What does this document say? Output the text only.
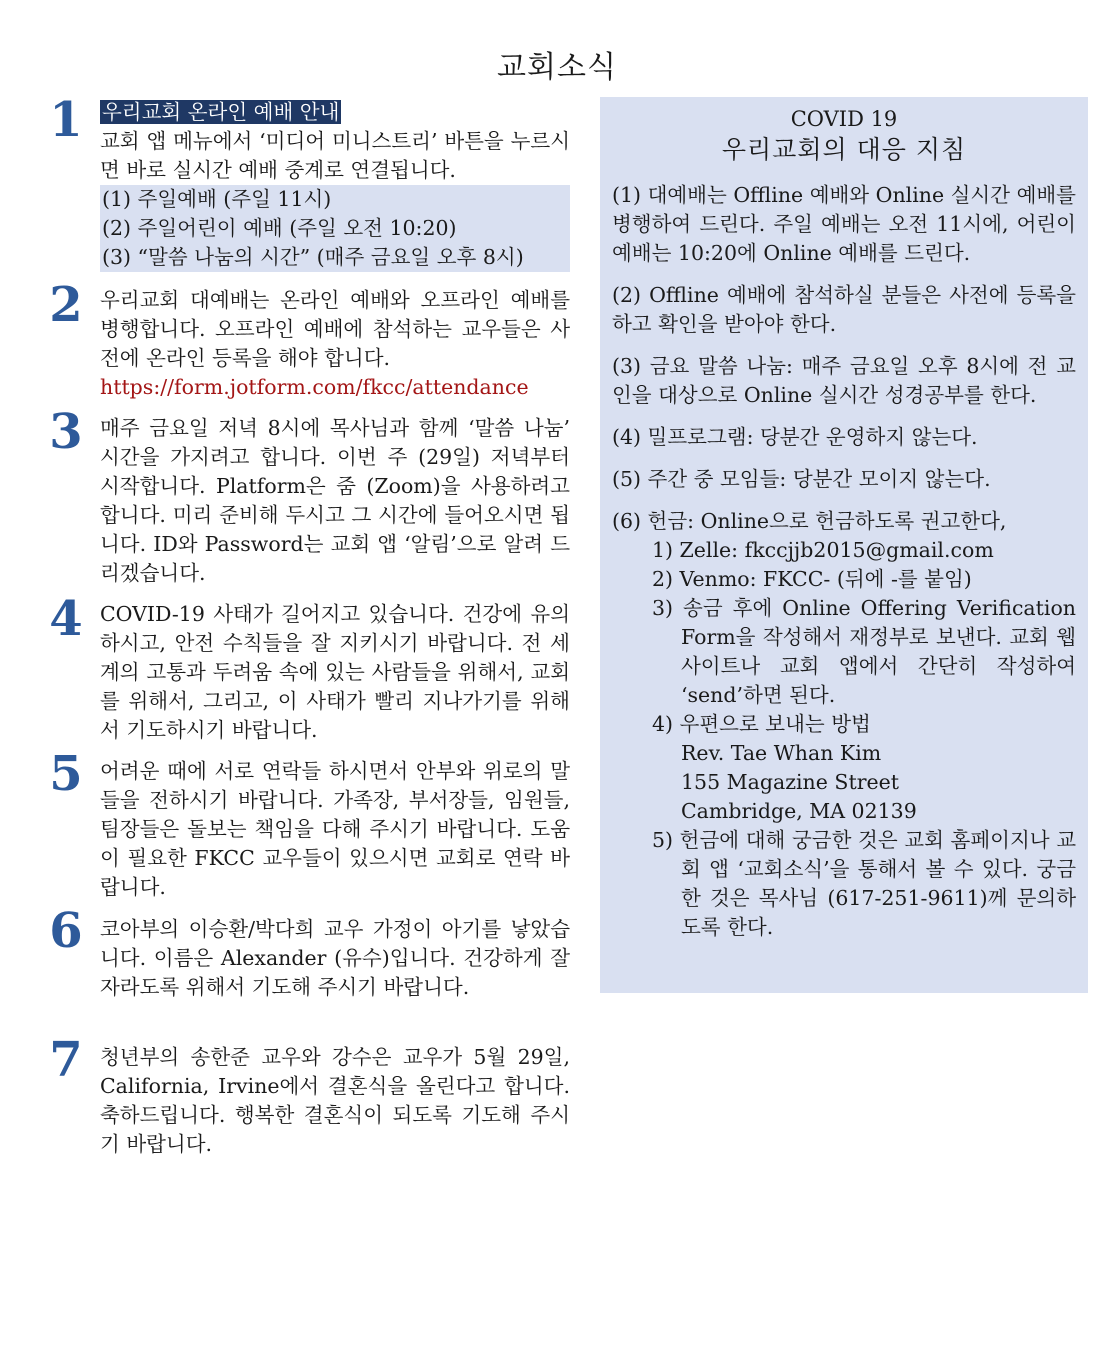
교회소식
1 우리교회 온라인 예배 안내

교회 앱 메뉴에서 ‘미디어 미니스트리’ 바튼을 누르시면 바로 실시간 예배 중계로 연결됩니다.

(1) 주일예배 (주일 11시)
(2) 주일어린이 예배 (주일 오전 10:20)
(3) “말씀 나눔의 시간” (매주 금요일 오후 8시)
2 우리교회 대예배는 온라인 예배와 오프라인 예배를 병행합니다. 오프라인 예배에 참석하는 교우들은 사전에 온라인 등록을 해야 합니다.

https://form.jotform.com/fkcc/attendance

3 매주 금요일 저녁 8시에 목사님과 함께 ‘말씀 나눔’ 시간을 가지려고 합니다. 이번 주 (29일) 저녁부터 시작합니다. Platform은 줌 (Zoom)을 사용하려고 합니다. 미리 준비해 두시고 그 시간에 들어오시면 됩니다. ID와 Password는 교회 앱 ‘알림’으로 알려 드리겠습니다.

4 COVID-19 사태가 길어지고 있습니다. 건강에 유의하시고, 안전 수칙들을 잘 지키시기 바랍니다. 전 세계의 고통과 두려움 속에 있는 사람들을 위해서, 교회를 위해서, 그리고, 이 사태가 빨리 지나가기를 위해서 기도하시기 바랍니다.

5 어려운 때에 서로 연락들 하시면서 안부와 위로의 말들을 전하시기 바랍니다. 가족장, 부서장들, 임원들, 팀장들은 돌보는 책임을 다해 주시기 바랍니다. 도움이 필요한 FKCC 교우들이 있으시면 교회로 연락 바랍니다.

6 코아부의 이승환/박다희 교우 가정이 아기를 낳았습니다. 이름은 Alexander (유수)입니다. 건강하게 잘 자라도록 위해서 기도해 주시기 바랍니다.

7 청년부의 송한준 교우와 강수은 교우가 5월 29일, California, Irvine에서 결혼식을 올린다고 합니다. 축하드립니다. 행복한 결혼식이 되도록 기도해 주시기 바랍니다.

COVID 19
우리교회의 대응 지침

(1) 대예배는 Offline 예배와 Online 실시간 예배를 병행하여 드린다. 주일 예배는 오전 11시에, 어린이 예배는 10:20에 Online 예배를 드린다.

(2) Offline 예배에 참석하실 분들은 사전에 등록을 하고 확인을 받아야 한다.

(3) 금요 말씀 나눔: 매주 금요일 오후 8시에 전 교인을 대상으로 Online 실시간 성경공부를 한다.

(4) 밀프로그램: 당분간 운영하지 않는다.

(5) 주간 중 모임들: 당분간 모이지 않는다.

(6) 헌금: Online으로 헌금하도록 권고한다,

1) Zelle: fkccjjb2015@gmail.com
2) Venmo: FKCC- (뒤에 -를 붙임)

3) 송금 후에 Online Offering Verification Form을 작성해서 재정부로 보낸다. 교회 웹사이트나 교회 앱에서 간단히 작성하여 ‘send’하면 된다.

4) 우편으로 보내는 방법
Rev. Tae Whan Kim
155 Magazine Street
Cambridge, MA 02139

5) 헌금에 대해 궁금한 것은 교회 홈페이지나 교회 앱 ‘교회소식’을 통해서 볼 수 있다. 궁금한 것은 목사님 (617-251-9611)께 문의하도록 한다.
